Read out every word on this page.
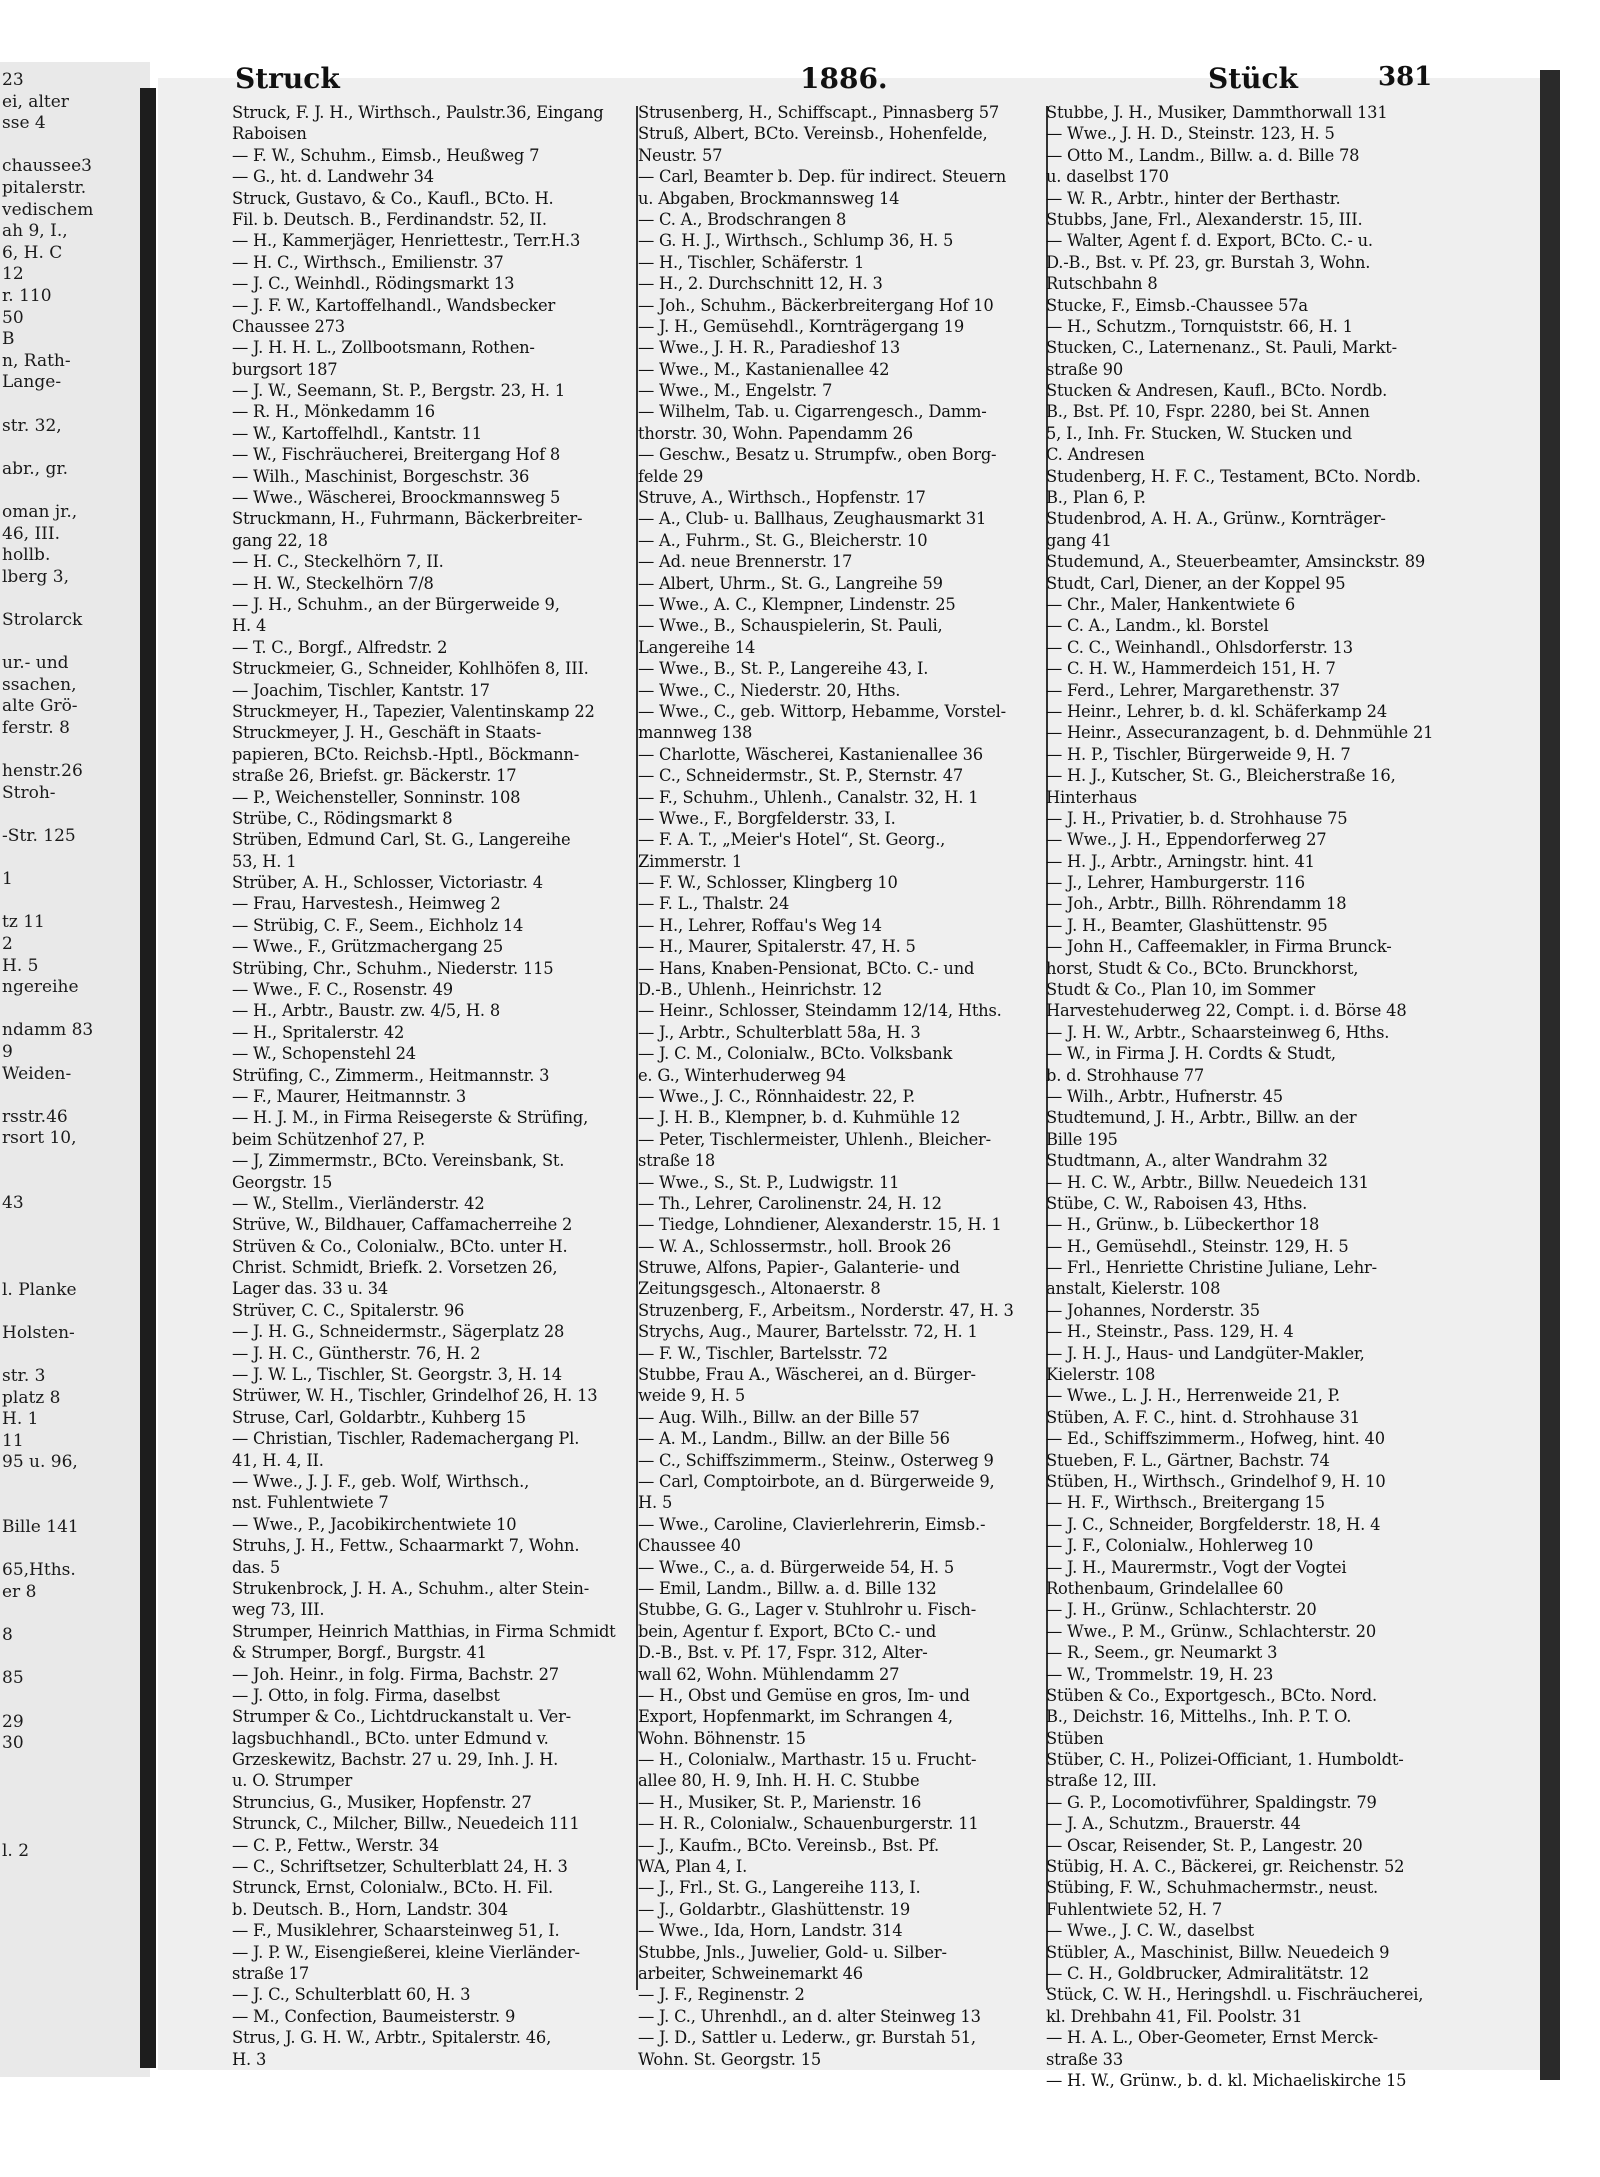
23
ei, alter
sse 4
chaussee3
pitalerstr.
vedischem
ah 9, I.,
6, H. C
12
r. 110
50
B
n, Rath-
Lange-
str. 32,
abr., gr.
oman jr.,
46, III.
hollb.
lberg 3,
Strolarck
ur.- und
ssachen,
alte Grö-
ferstr. 8
henstr.26
Stroh-
-Str. 125
1
tz 11
2
H. 5
ngereihe
ndamm 83
9
Weiden-
rsstr.46
rsort 10,
43
l. Planke
Holsten-
str. 3
platz 8
H. 1
11
95 u. 96,
Bille 141
65,Hths.
er 8
8
85
29
30
l. 2
Struck	1886.	Stück	381
Struck, F. J. H., Wirthsch., Paulstr.36, Eingang
Raboisen
— F. W., Schuhm., Eimsb., Heußweg 7
— G., ht. d. Landwehr 34
Struck, Gustavo, & Co., Kaufl., BCto. H.
Fil. b. Deutsch. B., Ferdinandstr. 52, II.
— H., Kammerjäger, Henriettestr., Terr.H.3
— H. C., Wirthsch., Emilienstr. 37
— J. C., Weinhdl., Rödingsmarkt 13
— J. F. W., Kartoffelhandl., Wandsbecker
Chaussee 273
— J. H. H. L., Zollbootsmann, Rothen-
burgsort 187
— J. W., Seemann, St. P., Bergstr. 23, H. 1
— R. H., Mönkedamm 16
— W., Kartoffelhdl., Kantstr. 11
— W., Fischräucherei, Breitergang Hof 8
— Wilh., Maschinist, Borgeschstr. 36
— Wwe., Wäscherei, Broockmannsweg 5
Struckmann, H., Fuhrmann, Bäckerbreiter-
gang 22, 18
— H. C., Steckelhörn 7, II.
— H. W., Steckelhörn 7/8
— J. H., Schuhm., an der Bürgerweide 9,
H. 4
— T. C., Borgf., Alfredstr. 2
Struckmeier, G., Schneider, Kohlhöfen 8, III.
— Joachim, Tischler, Kantstr. 17
Struckmeyer, H., Tapezier, Valentinskamp 22
Struckmeyer, J. H., Geschäft in Staats-
papieren, BCto. Reichsb.-Hptl., Böckmann-
straße 26, Briefst. gr. Bäckerstr. 17
— P., Weichensteller, Sonninstr. 108
Strübe, C., Rödingsmarkt 8
Strüben, Edmund Carl, St. G., Langereihe
53, H. 1
Strüber, A. H., Schlosser, Victoriastr. 4
— Frau, Harvestesh., Heimweg 2
— Strübig, C. F., Seem., Eichholz 14
— Wwe., F., Grützmachergang 25
Strübing, Chr., Schuhm., Niederstr. 115
— Wwe., F. C., Rosenstr. 49
— H., Arbtr., Baustr. zw. 4/5, H. 8
— H., Spritalerstr. 42
— W., Schopenstehl 24
Strüfing, C., Zimmerm., Heitmannstr. 3
— F., Maurer, Heitmannstr. 3
— H. J. M., in Firma Reisegerste & Strüfing,
beim Schützenhof 27, P.
— J, Zimmermstr., BCto. Vereinsbank, St.
Georgstr. 15
— W., Stellm., Vierländerstr. 42
Strüve, W., Bildhauer, Caffamacherreihe 2
Strüven & Co., Colonialw., BCto. unter H.
Christ. Schmidt, Briefk. 2. Vorsetzen 26,
Lager das. 33 u. 34
Strüver, C. C., Spitalerstr. 96
— J. H. G., Schneidermstr., Sägerplatz 28
— J. H. C., Güntherstr. 76, H. 2
— J. W. L., Tischler, St. Georgstr. 3, H. 14
Strüwer, W. H., Tischler, Grindelhof 26, H. 13
Struse, Carl, Goldarbtr., Kuhberg 15
— Christian, Tischler, Rademachergang Pl.
41, H. 4, II.
— Wwe., J. J. F., geb. Wolf, Wirthsch.,
nst. Fuhlentwiete 7
— Wwe., P., Jacobikirchentwiete 10
Struhs, J. H., Fettw., Schaarmarkt 7, Wohn.
das. 5
Strukenbrock, J. H. A., Schuhm., alter Stein-
weg 73, III.
Strumper, Heinrich Matthias, in Firma Schmidt
& Strumper, Borgf., Burgstr. 41
— Joh. Heinr., in folg. Firma, Bachstr. 27
— J. Otto, in folg. Firma, daselbst
Strumper & Co., Lichtdruckanstalt u. Ver-
lagsbuchhandl., BCto. unter Edmund v.
Grzeskewitz, Bachstr. 27 u. 29, Inh. J. H.
u. O. Strumper
Struncius, G., Musiker, Hopfenstr. 27
Strunck, C., Milcher, Billw., Neuedeich 111
— C. P., Fettw., Werstr. 34
— C., Schriftsetzer, Schulterblatt 24, H. 3
Strunck, Ernst, Colonialw., BCto. H. Fil.
b. Deutsch. B., Horn, Landstr. 304
— F., Musiklehrer, Schaarsteinweg 51, I.
— J. P. W., Eisengießerei, kleine Vierländer-
straße 17
— J. C., Schulterblatt 60, H. 3
— M., Confection, Baumeisterstr. 9
Strus, J. G. H. W., Arbtr., Spitalerstr. 46,
H. 3
Strusenberg, H., Schiffscapt., Pinnasberg 57
Struß, Albert, BCto. Vereinsb., Hohenfelde,
Neustr. 57
— Carl, Beamter b. Dep. für indirect. Steuern
u. Abgaben, Brockmannsweg 14
— C. A., Brodschrangen 8
— G. H. J., Wirthsch., Schlump 36, H. 5
— H., Tischler, Schäferstr. 1
— H., 2. Durchschnitt 12, H. 3
— Joh., Schuhm., Bäckerbreitergang Hof 10
— J. H., Gemüsehdl., Kornträgergang 19
— Wwe., J. H. R., Paradieshof 13
— Wwe., M., Kastanienallee 42
— Wwe., M., Engelstr. 7
— Wilhelm, Tab. u. Cigarrengesch., Damm-
thorstr. 30, Wohn. Papendamm 26
— Geschw., Besatz u. Strumpfw., oben Borg-
felde 29
Struve, A., Wirthsch., Hopfenstr. 17
— A., Club- u. Ballhaus, Zeughausmarkt 31
— A., Fuhrm., St. G., Bleicherstr. 10
— Ad. neue Brennerstr. 17
— Albert, Uhrm., St. G., Langreihe 59
— Wwe., A. C., Klempner, Lindenstr. 25
— Wwe., B., Schauspielerin, St. Pauli,
Langereihe 14
— Wwe., B., St. P., Langereihe 43, I.
— Wwe., C., Niederstr. 20, Hths.
— Wwe., C., geb. Wittorp, Hebamme, Vorstel-
mannweg 138
— Charlotte, Wäscherei, Kastanienallee 36
— C., Schneidermstr., St. P., Sternstr. 47
— F., Schuhm., Uhlenh., Canalstr. 32, H. 1
— Wwe., F., Borgfelderstr. 33, I.
— F. A. T., „Meier's Hotel“, St. Georg.,
Zimmerstr. 1
— F. W., Schlosser, Klingberg 10
— F. L., Thalstr. 24
— H., Lehrer, Roffau's Weg 14
— H., Maurer, Spitalerstr. 47, H. 5
— Hans, Knaben-Pensionat, BCto. C.- und
D.-B., Uhlenh., Heinrichstr. 12
— Heinr., Schlosser, Steindamm 12/14, Hths.
— J., Arbtr., Schulterblatt 58a, H. 3
— J. C. M., Colonialw., BCto. Volksbank
e. G., Winterhuderweg 94
— Wwe., J. C., Rönnhaidestr. 22, P.
— J. H. B., Klempner, b. d. Kuhmühle 12
— Peter, Tischlermeister, Uhlenh., Bleicher-
straße 18
— Wwe., S., St. P., Ludwigstr. 11
— Th., Lehrer, Carolinenstr. 24, H. 12
— Tiedge, Lohndiener, Alexanderstr. 15, H. 1
— W. A., Schlossermstr., holl. Brook 26
Struwe, Alfons, Papier-, Galanterie- und
Zeitungsgesch., Altonaerstr. 8
Struzenberg, F., Arbeitsm., Norderstr. 47, H. 3
Strychs, Aug., Maurer, Bartelsstr. 72, H. 1
— F. W., Tischler, Bartelsstr. 72
Stubbe, Frau A., Wäscherei, an d. Bürger-
weide 9, H. 5
— Aug. Wilh., Billw. an der Bille 57
— A. M., Landm., Billw. an der Bille 56
— C., Schiffszimmerm., Steinw., Osterweg 9
— Carl, Comptoirbote, an d. Bürgerweide 9,
H. 5
— Wwe., Caroline, Clavierlehrerin, Eimsb.-
Chaussee 40
— Wwe., C., a. d. Bürgerweide 54, H. 5
— Emil, Landm., Billw. a. d. Bille 132
Stubbe, G. G., Lager v. Stuhlrohr u. Fisch-
bein, Agentur f. Export, BCto C.- und
D.-B., Bst. v. Pf. 17, Fspr. 312, Alter-
wall 62, Wohn. Mühlendamm 27
— H., Obst und Gemüse en gros, Im- und
Export, Hopfenmarkt, im Schrangen 4,
Wohn. Böhnenstr. 15
— H., Colonialw., Marthastr. 15 u. Frucht-
allee 80, H. 9, Inh. H. H. C. Stubbe
— H., Musiker, St. P., Marienstr. 16
— H. R., Colonialw., Schauenburgerstr. 11
— J., Kaufm., BCto. Vereinsb., Bst. Pf.
WA, Plan 4, I.
— J., Frl., St. G., Langereihe 113, I.
— J., Goldarbtr., Glashüttenstr. 19
— Wwe., Ida, Horn, Landstr. 314
Stubbe, Jnls., Juwelier, Gold- u. Silber-
arbeiter, Schweinemarkt 46
— J. F., Reginenstr. 2
— J. C., Uhrenhdl., an d. alter Steinweg 13
— J. D., Sattler u. Lederw., gr. Burstah 51,
Wohn. St. Georgstr. 15
Stubbe, J. H., Musiker, Dammthorwall 131
— Wwe., J. H. D., Steinstr. 123, H. 5
— Otto M., Landm., Billw. a. d. Bille 78
u. daselbst 170
— W. R., Arbtr., hinter der Berthastr.
Stubbs, Jane, Frl., Alexanderstr. 15, III.
— Walter, Agent f. d. Export, BCto. C.- u.
D.-B., Bst. v. Pf. 23, gr. Burstah 3, Wohn.
Rutschbahn 8
Stucke, F., Eimsb.-Chaussee 57a
— H., Schutzm., Tornquiststr. 66, H. 1
Stucken, C., Laternenanz., St. Pauli, Markt-
straße 90
Stucken & Andresen, Kaufl., BCto. Nordb.
B., Bst. Pf. 10, Fspr. 2280, bei St. Annen
5, I., Inh. Fr. Stucken, W. Stucken und
C. Andresen
Studenberg, H. F. C., Testament, BCto. Nordb.
B., Plan 6, P.
Studenbrod, A. H. A., Grünw., Kornträger-
gang 41
Studemund, A., Steuerbeamter, Amsinckstr. 89
Studt, Carl, Diener, an der Koppel 95
— Chr., Maler, Hankentwiete 6
— C. A., Landm., kl. Borstel
— C. C., Weinhandl., Ohlsdorferstr. 13
— C. H. W., Hammerdeich 151, H. 7
— Ferd., Lehrer, Margarethenstr. 37
— Heinr., Lehrer, b. d. kl. Schäferkamp 24
— Heinr., Assecuranzagent, b. d. Dehnmühle 21
— H. P., Tischler, Bürgerweide 9, H. 7
— H. J., Kutscher, St. G., Bleicherstraße 16,
Hinterhaus
— J. H., Privatier, b. d. Strohhause 75
— Wwe., J. H., Eppendorferweg 27
— H. J., Arbtr., Arningstr. hint. 41
— J., Lehrer, Hamburgerstr. 116
— Joh., Arbtr., Billh. Röhrendamm 18
— J. H., Beamter, Glashüttenstr. 95
— John H., Caffeemakler, in Firma Brunck-
horst, Studt & Co., BCto. Brunckhorst,
Studt & Co., Plan 10, im Sommer
Harvestehuderweg 22, Compt. i. d. Börse 48
— J. H. W., Arbtr., Schaarsteinweg 6, Hths.
— W., in Firma J. H. Cordts & Studt,
b. d. Strohhause 77
— Wilh., Arbtr., Hufnerstr. 45
Studtemund, J. H., Arbtr., Billw. an der
Bille 195
Studtmann, A., alter Wandrahm 32
— H. C. W., Arbtr., Billw. Neuedeich 131
Stübe, C. W., Raboisen 43, Hths.
— H., Grünw., b. Lübeckerthor 18
— H., Gemüsehdl., Steinstr. 129, H. 5
— Frl., Henriette Christine Juliane, Lehr-
anstalt, Kielerstr. 108
— Johannes, Norderstr. 35
— H., Steinstr., Pass. 129, H. 4
— J. H. J., Haus- und Landgüter-Makler,
Kielerstr. 108
— Wwe., L. J. H., Herrenweide 21, P.
Stüben, A. F. C., hint. d. Strohhause 31
— Ed., Schiffszimmerm., Hofweg, hint. 40
Stueben, F. L., Gärtner, Bachstr. 74
Stüben, H., Wirthsch., Grindelhof 9, H. 10
— H. F., Wirthsch., Breitergang 15
— J. C., Schneider, Borgfelderstr. 18, H. 4
— J. F., Colonialw., Hohlerweg 10
— J. H., Maurermstr., Vogt der Vogtei
Rothenbaum, Grindelallee 60
— J. H., Grünw., Schlachterstr. 20
— Wwe., P. M., Grünw., Schlachterstr. 20
— R., Seem., gr. Neumarkt 3
— W., Trommelstr. 19, H. 23
Stüben & Co., Exportgesch., BCto. Nord.
B., Deichstr. 16, Mittelhs., Inh. P. T. O.
Stüben
Stüber, C. H., Polizei-Officiant, 1. Humboldt-
straße 12, III.
— G. P., Locomotivführer, Spaldingstr. 79
— J. A., Schutzm., Brauerstr. 44
— Oscar, Reisender, St. P., Langestr. 20
Stübig, H. A. C., Bäckerei, gr. Reichenstr. 52
Stübing, F. W., Schuhmachermstr., neust.
Fuhlentwiete 52, H. 7
— Wwe., J. C. W., daselbst
Stübler, A., Maschinist, Billw. Neuedeich 9
— C. H., Goldbrucker, Admiralitätstr. 12
Stück, C. W. H., Heringshdl. u. Fischräucherei,
kl. Drehbahn 41, Fil. Poolstr. 31
— H. A. L., Ober-Geometer, Ernst Merck-
straße 33
— H. W., Grünw., b. d. kl. Michaeliskirche 15
